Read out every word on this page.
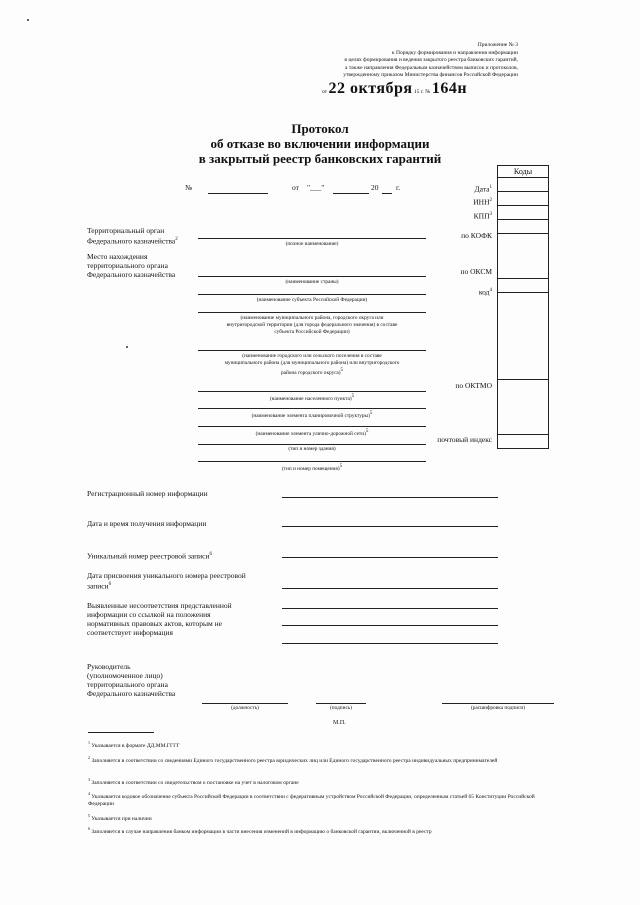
Приложение № 3
к Порядку формирования и направления информации
в целях формирования и ведения закрытого реестра банковских гарантий,
а также направления Федеральным казначейством выписок и протоколов,
утвержденному приказом Министерства финансов Российской Федерации
от 22 октября 15 г. № 164н
Протокол
об отказе во включении информации
в закрытый реестр банковских гарантий
№	от "___"	20 г.
Коды

Дата$^1$
ИНН$^2$
КПП$^3$
по КОФК
по ОКСМ
код$^4$
по ОКТМО
почтовый индекс
Территориальный орган
Федерального казначейства$^2$
Место нахождения
территориального органа
Федерального казначейства
(полное наименование)
(наименование страны)
(наименование субъекта Российской Федерации)
(наименование муниципального района, городского округа или
внутригородской территории (для города федерального значения) в составе
субъекта Российской Федерации)
(наименование городского или сельского поселения в составе
муниципального района (для муниципального района) или внутригородского
района городского округа)$^5$
(наименование населенного пункта)$^5$
(наименование элемента планировочной структуры)$^5$
(наименование элемента улично-дорожной сети)$^5$
(тип и номер здания)
(тип и номер помещения)$^5$
Регистрационный номер информации
Дата и время получения информации
Уникальный номер реестровой записи$^6$
Дата присвоения уникального номера реестровой
записи$^6$
Выявленные несоответствия представленной
информации со ссылкой на положения
нормативных правовых актов, которым не
соответствует информация
Руководитель
(уполномоченное лицо)
территориального органа
Федерального казначейства
(должность)	(подпись)	(расшифровка подписи)
М.П.
$^1$ Указывается в формате ДД.ММ.ГГГГ
$^2$ Заполняется в соответствии со сведениями Единого государственного реестра юридических лиц или Единого государственного реестра индивидуальных предпринимателей
$^3$ Заполняется в соответствии со свидетельством о постановке на учет в налоговом органе
$^4$ Указывается кодовое обозначение субъекта Российской Федерации в соответствии с федеративным устройством Российской Федерации, определенным статьей 65 Конституции Российской Федерации
$^5$ Указывается при наличии
$^6$ Заполняется в случае направления банком информации в части внесения изменений в информацию о банковской гарантии, включенной в реестр
